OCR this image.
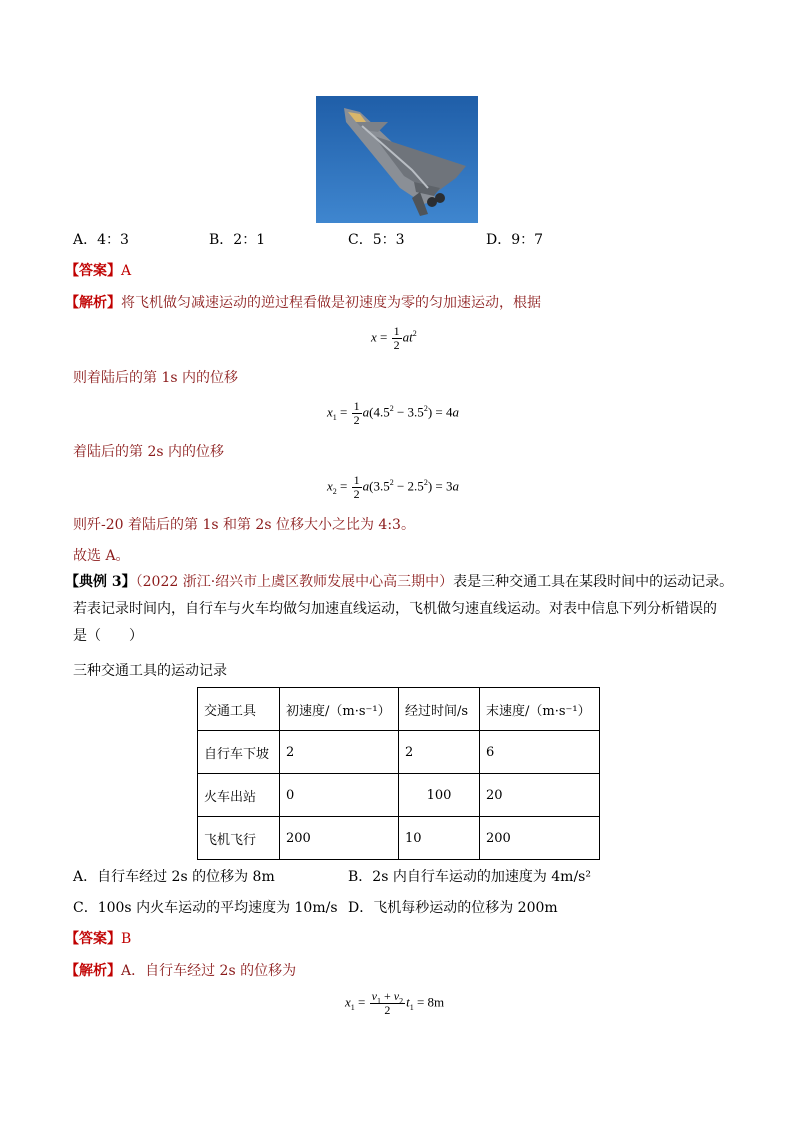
A．4：3	B．2：1	C．5：3	D．9：7
【答案】A
【解析】将飞机做匀减速运动的逆过程看做是初速度为零的匀加速运动，根据
$x = \frac{1}{2} at^2$
则着陆后的第 1s 内的位移
$x_1 = \frac{1}{2} a(4.5^2 - 3.5^2) = 4a$
着陆后的第 2s 内的位移
$x_2 = \frac{1}{2} a(3.5^2 - 2.5^2) = 3a$
则歼-20 着陆后的第 1s 和第 2s 位移大小之比为 4:3。
故选 A。
【典例 3】（2022 浙江·绍兴市上虞区教师发展中心高三期中）表是三种交通工具在某段时间中的运动记录。
若表记录时间内，自行车与火车均做匀加速直线运动，飞机做匀速直线运动。对表中信息下列分析错误的
是（　　）
三种交通工具的运动记录
交通工具	初速度/（m·s⁻¹）	经过时间/s	末速度/（m·s⁻¹）
自行车下坡	2	2	6
火车出站	0	100	20
飞机飞行	200	10	200
A．自行车经过 2s 的位移为 8m	B．2s 内自行车运动的加速度为 4m/s²
C．100s 内火车运动的平均速度为 10m/s D．飞机每秒运动的位移为 200m
【答案】B
【解析】A．自行车经过 2s 的位移为
$x_1 = \frac{v_1 + v_2}{2} t_1 = 8m$
